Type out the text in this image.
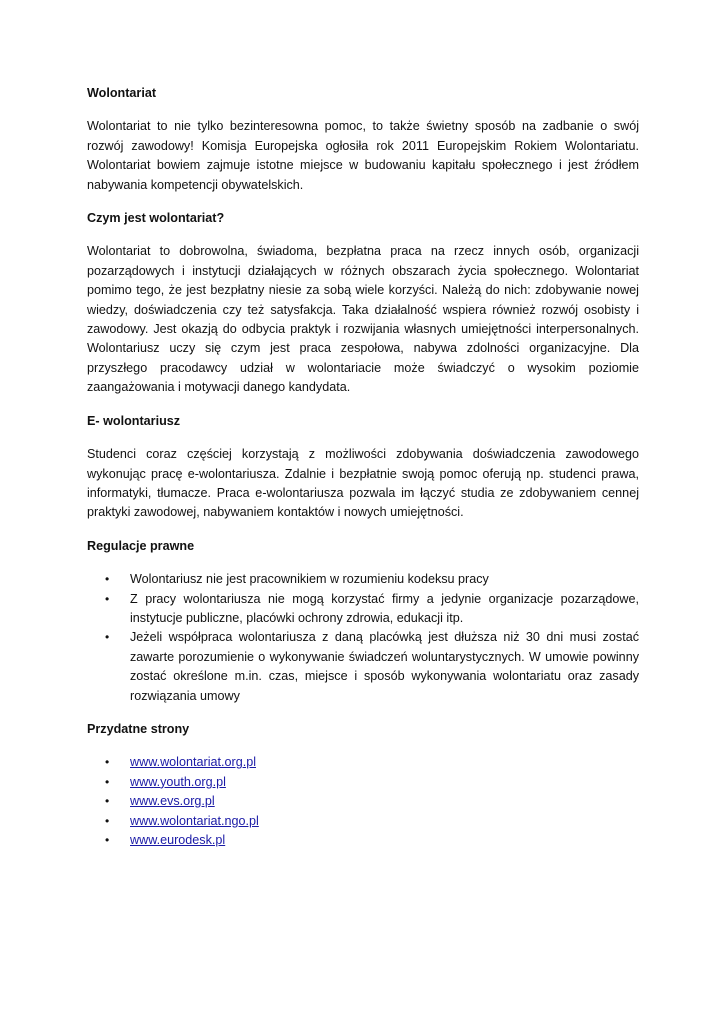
Wolontariat

Wolontariat to nie tylko bezinteresowna pomoc, to także świetny sposób na zadbanie o swój rozwój zawodowy! Komisja Europejska ogłosiła rok 2011 Europejskim Rokiem Wolontariatu. Wolontariat bowiem zajmuje istotne miejsce w budowaniu kapitału społecznego i jest źródłem nabywania kompetencji obywatelskich.

Czym jest wolontariat?

Wolontariat to dobrowolna, świadoma, bezpłatna praca na rzecz innych osób, organizacji pozarządowych i instytucji działających w różnych obszarach życia społecznego. Wolontariat pomimo tego, że jest bezpłatny niesie za sobą wiele korzyści. Należą do nich: zdobywanie nowej wiedzy, doświadczenia czy też satysfakcja. Taka działalność wspiera również rozwój osobisty i zawodowy. Jest okazją do odbycia praktyk i rozwijania własnych umiejętności interpersonalnych. Wolontariusz uczy się czym jest praca zespołowa, nabywa zdolności organizacyjne. Dla przyszłego pracodawcy udział w wolontariacie może świadczyć o wysokim poziomie zaangażowania i motywacji danego kandydata.

E- wolontariusz

Studenci coraz częściej korzystają z możliwości zdobywania doświadczenia zawodowego wykonując pracę e-wolontariusza. Zdalnie i bezpłatnie swoją pomoc oferują np. studenci prawa, informatyki, tłumacze. Praca e-wolontariusza pozwala im łączyć studia ze zdobywaniem cennej praktyki zawodowej, nabywaniem kontaktów i nowych umiejętności.

Regulacje prawne

• Wolontariusz nie jest pracownikiem w rozumieniu kodeksu pracy
• Z pracy wolontariusza nie mogą korzystać firmy a jedynie organizacje pozarządowe, instytucje publiczne, placówki ochrony zdrowia, edukacji itp.
• Jeżeli współpraca wolontariusza z daną placówką jest dłuższa niż 30 dni musi zostać zawarte porozumienie o wykonywanie świadczeń woluntarystycznych. W umowie powinny zostać określone m.in. czas, miejsce i sposób wykonywania wolontariatu oraz zasady rozwiązania umowy

Przydatne strony

• www.wolontariat.org.pl
• www.youth.org.pl
• www.evs.org.pl
• www.wolontariat.ngo.pl
• www.eurodesk.pl
